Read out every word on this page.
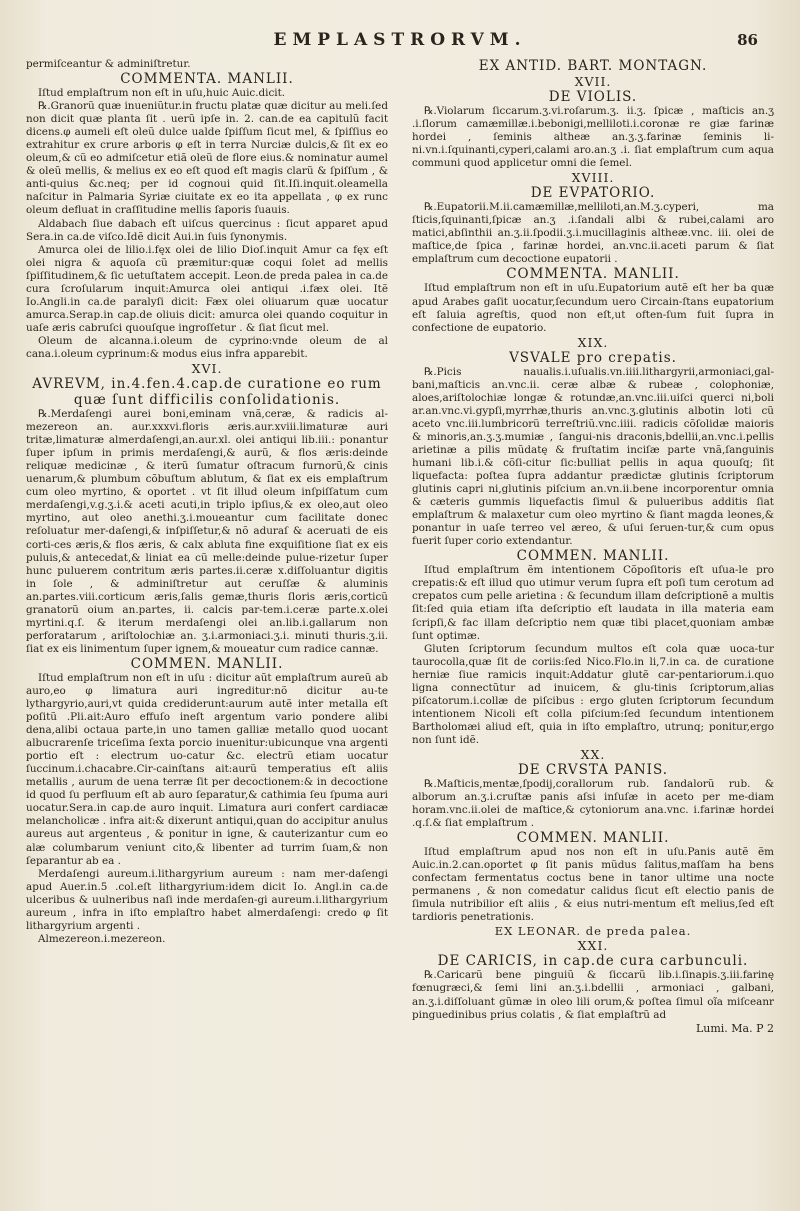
EMPLASTRORVM.	86

permiſceantur & adminiſtretur.

COMMENTA. MANLII.

Iſtud emplaſtrum non eſt in uſu,huic Auic.dicit.

℞.Granorũ quæ inueniũtur.in fructu platæ quæ dicitur au meli.ſed non dicit quæ planta ſit . uerũ ipſe in. 2. can.de ea capitulũ facit dicens.φ aumeli eſt oleũ dulce ualde ſpiſſum ſicut mel, & ſpiſſius eo extrahitur ex crure arboris φ eſt in terra Nurciæ dulcis,& ſit ex eo oleum,& cũ eo admiſcetur etiã oleũ de flore eius.& nominatur aumel & oleũ mellis, & melius ex eo eſt quod eſt magis clarũ & ſpiſſum , & anti-quius &c.neq; per id cognoui quid ſit.Iſi.inquit.oleamella naſcitur in Palmaria Syriæ ciuitate ex eo ita appellata , φ ex runc oleum defluat in craſſitudine mellis ſaporis ſuauis.

Aldabach ſiue dabach eſt uiſcus quercinus : ſicut apparet apud Sera.in ca.de viſco.Idẽ dicit Aui.in ſuis ſynonymis.

Amurca olei de lilio.i.fęx olei de lilio Dioſ.inquit Amur ca fęx eſt olei nigra & aquoſa cũ præmitur:quæ coqui ſolet ad mellis ſpiſſitudinem,& ſic uetuſtatem accepit. Leon.de preda palea in ca.de cura ſcroſularum inquit:Amurca olei antiqui .i.fæx olei. Itẽ Io.Angli.in ca.de paralyſi dicit: Fæx olei oliuarum quæ uocatur amurca.Serap.in cap.de oliuis dicit: amurca olei quando coquitur in uaſe æris cabruſci quouſque ingroſſetur . & ſiat ſicut mel.

Oleum de alcanna.i.oleum de cyprino:vnde oleum de al cana.i.oleum cyprinum:& modus eius infra apparebit.

XVI.
AVREVM, in.4.fen.4.cap.de curatione eo rum quæ ſunt difficilis conſolidationis.

℞.Merdaſengi aurei boni,eminam vnã,ceræ, & radicis al-mezereon an. aur.xxxvi.floris æris.aur.xviii.limaturæ auri tritæ,limaturæ almerdaſengi,an.aur.xl. olei antiqui lib.iii.: ponantur ſuper ipſum in primis merdaſengi,& aurũ, & flos æris:deinde reliquæ medicinæ , & iterũ ſumatur oſtracum furnorũ,& cinis uenarum,& plumbum cõbuſtum ablutum, & ſiat ex eis emplaſtrum cum oleo myrtino, & oportet . vt ſit illud oleum inſpiſſatum cum merdaſengi,v.g.ʒ.i.& aceti acuti,in triplo ipſius,& ex oleo,aut oleo myrtino, aut oleo anethi.ʒ.i.moueantur cum facilitate donec reſoluatur mer-daſengi,& inſpiſſetur,& nõ aduraſ & aceruati de eis corti-ces æris,& flos æris, & calx abluta fine exquiſitione ſiat ex eis puluis,& antecedat,& liniat ea cũ melle:deinde pulue-rizetur ſuper hunc puluerem contritum æris partes.ii.ceræ x.diſſoluantur digitis in ſole , & adminiſtretur aut ceruſſæ & aluminis an.partes.viii.corticum æris,ſalis gemæ,thuris ſloris æris,corticũ granatorũ oium an.partes, ii. calcis par-tem.i.ceræ parte.x.olei myrtini.q.ſ. & iterum merdaſengi olei an.lib.i.gallarum non perforatarum , ariſtolochiæ an. ʒ.i.armoniaci.ʒ.i. minuti thuris.ʒ.ii. ſiat ex eis linimentum ſuper ignem,& moueatur cum radice cannæ.

COMMEN. MANLII.

Iſtud emplaſtrum non eſt in uſu : dicitur aũt emplaſtrum aureũ ab auro,eo φ limatura auri ingreditur:nõ dicitur au-te lythargyrio,auri,vt quida crediderunt:aurum autẽ inter metalla eſt poſitũ .Pli.ait:Auro effuſo ineſt argentum vario pondere alibi dena,alibi octaua parte,in uno tamen galliæ metallo quod uocant albucrarenſe triceſima ſexta porcio inuenitur:ubicunque vna argenti portio eſt : electrum uo-catur &c. electrũ etiam uocatur ſuccinum.i.chacabre.Cir-cainſtans ait:aurũ temperatius eſt aliis metallis , aurum de uena terræ ſit per decoctionem:& in decoctione id quod ſu perfluum eſt ab auro ſeparatur,& cathimia ſeu ſpuma auri uocatur.Sera.in cap.de auro inquit. Limatura auri confert cardiacæ melancholicæ . infra ait:& dixerunt antiqui,quan do accipitur anulus aureus aut argenteus , & ponitur in igne, & cauterizantur cum eo alæ columbarum veniunt cito,& libenter ad turrim ſuam,& non ſeparantur ab ea .

Merdaſengi aureum.i.lithargyrium aureum : nam mer-daſengi apud Auer.in.5 .col.eſt lithargyrium:idem dicit Io. Angl.in ca.de ulceribus & uulneribus naſi inde merdaſen-gi aureum.i.lithargyrium aureum , infra in iſto emplaſtro habet almerdaſengi: credo φ ſit lithargyrium argenti .

Almezereon.i.mezereon.

EX ANTID. BART. MONTAGN.
XVII.
DE VIOLIS.

℞.Violarum ſiccarum.ʒ.vi.roſarum.ʒ. ii.ʒ. ſpicæ , maſticis an.ʒ .i.ſlorum camæmillæ.i.bebonigi,melliloti.i.coronæ re giæ farinæ hordei , ſeminis altheæ an.ʒ.ʒ.farinæ ſeminis li-ni.vn.i.ſquinanti,cyperi,calami aro.an.ʒ .i. ſiat emplaſtrum cum aqua communi quod applicetur omni die ſemel.

XVIII.
DE EVPATORIO.

℞.Eupatorii.M.ii.camæmillæ,melliloti,an.M.ʒ.cyperi, ma ſticis,ſquinanti,ſpicæ an.ʒ .i.ſandali albi & rubei,calami aro matici,abſinthii an.ʒ.ii.ſpodii.ʒ.i.mucillaginis altheæ.vnc. iii. olei de maſtice,de ſpica , farinæ hordei, an.vnc.ii.aceti parum & ſiat emplaſtrum cum decoctione eupatorii .

COMMENTA. MANLII.

Iſtud emplaſtrum non eſt in uſu.Eupatorium autẽ eſt her ba quæ apud Arabes gaſit uocatur,ſecundum uero Circain-ſtans eupatorium eſt ſaluia agreſtis, quod non eſt,ut often-ſum fuit ſupra in confectione de eupatorio.

XIX.
VSVALE pro crepatis.

℞.Picis naualis.i.uſualis.vn.iiii.lithargyrii,armoniaci,gal-bani,maſticis an.vnc.ii. ceræ albæ & rubeæ , colophoniæ, aloes,ariſtolochiæ longæ & rotundæ,an.vnc.iii.uiſci querci ni,boli ar.an.vnc.vi.gypſi,myrrhæ,thuris an.vnc.ʒ.glutinis albotin loti cũ aceto vnc.iii.lumbricorũ terreſtriũ.vnc.iiii. radicis cõſolidæ maioris & minoris,an.ʒ.ʒ.mumiæ , ſangui-nis draconis,bdellii,an.vnc.i.pellis arietinæ a pilis mũdatę & fruſtatim inciſæ parte vnã,ſanguinis humani lib.i.& cõſi-citur ſic:bulliat pellis in aqua quouſq; ſit liquefacta: poſtea ſupra addantur prædictæ glutinis ſcriptorum glutinis capri ni,glutinis piſcium an.vn.ii.bene incorporentur omnia & cæteris gummis liquefactis ſimul & pulueribus additis ſiat emplaſtrum & malaxetur cum oleo myrtino & ſiant magda leones,& ponantur in uaſe terreo vel æreo, & uſui ſeruen-tur,& cum opus fuerit ſuper corio extendantur.

COMMEN. MANLII.

Iſtud emplaſtrum ẽm intentionem Cõpoſitoris eſt uſua-le pro crepatis:& eſt illud quo utimur verum ſupra eſt poſi tum cerotum ad crepatos cum pelle arietina : & ſecundum illam deſcriptionẽ a multis ſit:ſed quia etiam iſta deſcriptio eſt laudata in illa materia eam ſcripſi,& fac illam deſcriptio nem quæ tibi placet,quoniam ambæ ſunt optimæ.

Gluten ſcriptorum ſecundum multos eſt cola quæ uoca-tur taurocolla,quæ ſit de coriis:ſed Nico.Flo.in li,7.in ca. de curatione herniæ ſiue ramicis inquit:Addatur glutẽ car-pentariorum.i.quo ligna connectũtur ad inuicem, & glu-tinis ſcriptorum,alias piſcatorum.i.collæ de piſcibus : ergo gluten ſcriptorum ſecundum intentionem Nicoli eſt colla piſcium:ſed ſecundum intentionem Bartholomæi aliud eſt, quia in iſto emplaſtro, utrunq; ponitur,ergo non ſunt idẽ.

XX.
DE CRVSTA PANIS.

℞.Maſticis,mentæ,ſpodij,corallorum rub. ſandalorũ rub. & alborum an.ʒ.i.cruſtæ panis aſsi inſuſæ in aceto per me-diam horam.vnc.ii.olei de maſtice,& cytoniorum ana.vnc. i.farinæ hordei .q.ſ.& ſiat emplaſtrum .

COMMEN. MANLII.

Iſtud emplaſtrum apud nos non eſt in uſu.Panis autẽ ẽm Auic.in.2.can.oportet φ ſit panis mũdus ſalitus,maſſam ha bens confectam fermentatus coctus bene in tanor ultime una nocte permanens , & non comedatur calidus ſicut eſt electio panis de ſimula nutribilior eſt aliis , & eius nutri-mentum eſt melius,ſed eſt tardioris penetrationis.

EX LEONAR. de preda palea.
XXI.
DE CARICIS, in cap.de cura carbunculi.

℞.Caricarũ bene pinguiũ & ſiccarũ lib.i.ſinapis.ʒ.iii.farinę fœnugræci,& ſemi lini an.ʒ.i.bdellii , armoniaci , galbani, an.ʒ.i.diſſoluant gũmæ in oleo lili orum,& poſtea ſimul oĩa miſceanr pinguedinibus prius colatis , & ſiat emplaſtrũ ad

Lumi. Ma. P 2
